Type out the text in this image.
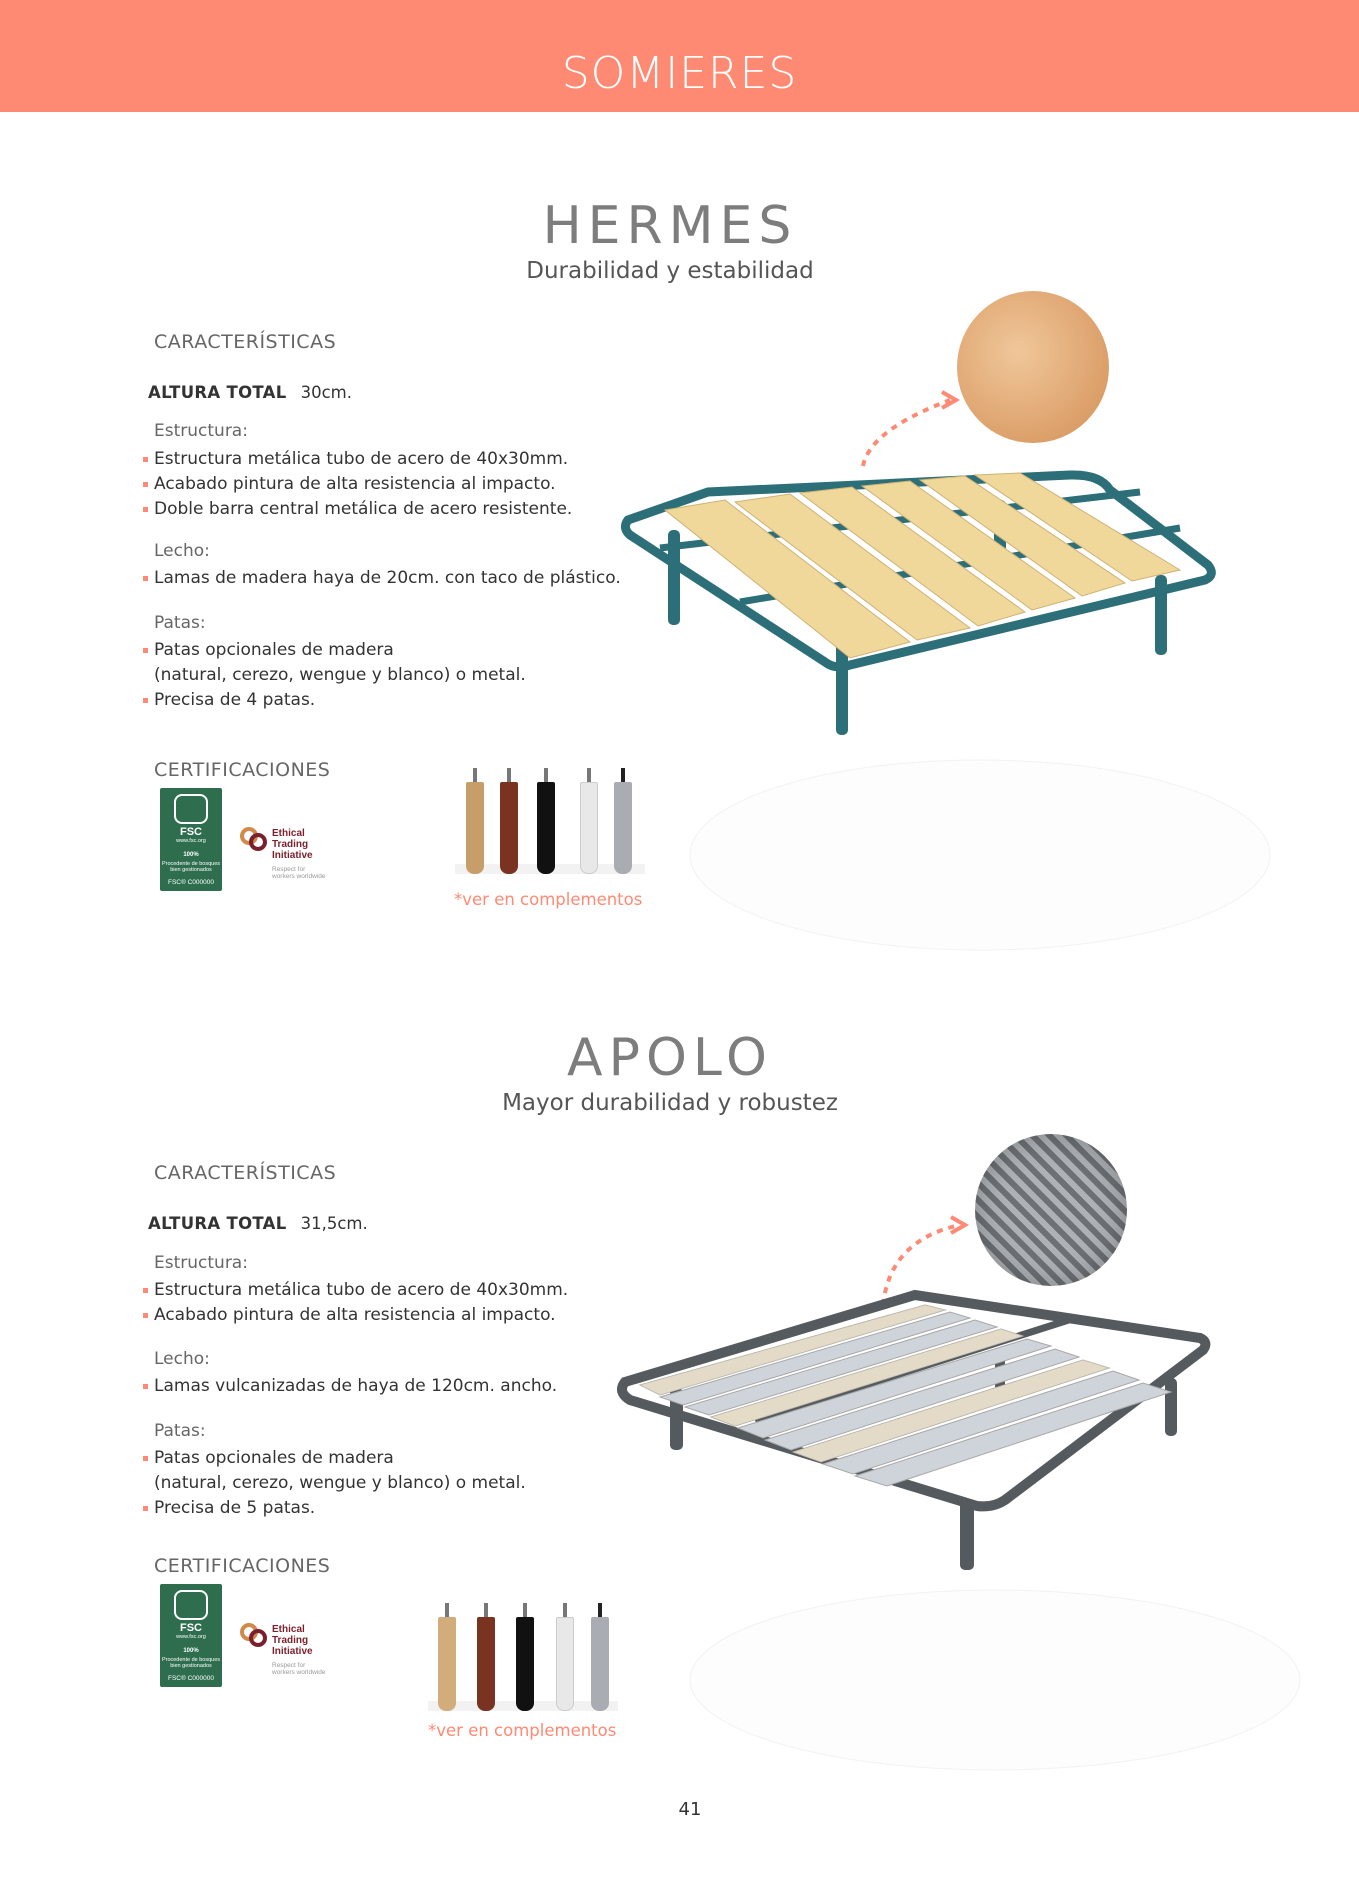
SOMIERES
HERMES
Durabilidad y estabilidad
CARACTERÍSTICAS
ALTURA TOTAL 30cm.
Estructura:
Estructura metálica tubo de acero de 40x30mm.
Acabado pintura de alta resistencia al impacto.
Doble barra central metálica de acero resistente.
Lecho:
Lamas de madera haya de 20cm. con taco de plástico.
Patas:
Patas opcionales de madera
(natural, cerezo, wengue y blanco) o metal.
Precisa de 4 patas.
CERTIFICACIONES
FSC
www.fsc.org
100%
Procedente de bosques bien gestionados
FSC® C000000
Ethical Trading Initiative
Respect for workers worldwide
*ver en complementos
APOLO
Mayor durabilidad y robustez
CARACTERÍSTICAS
ALTURA TOTAL 31,5cm.
Estructura:
Estructura metálica tubo de acero de 40x30mm.
Acabado pintura de alta resistencia al impacto.
Lecho:
Lamas vulcanizadas de haya de 120cm. ancho.
Patas:
Patas opcionales de madera
(natural, cerezo, wengue y blanco) o metal.
Precisa de 5 patas.
CERTIFICACIONES
FSC
www.fsc.org
100%
Procedente de bosques bien gestionados
FSC® C000000
Ethical Trading Initiative
Respect for workers worldwide
*ver en complementos
41
